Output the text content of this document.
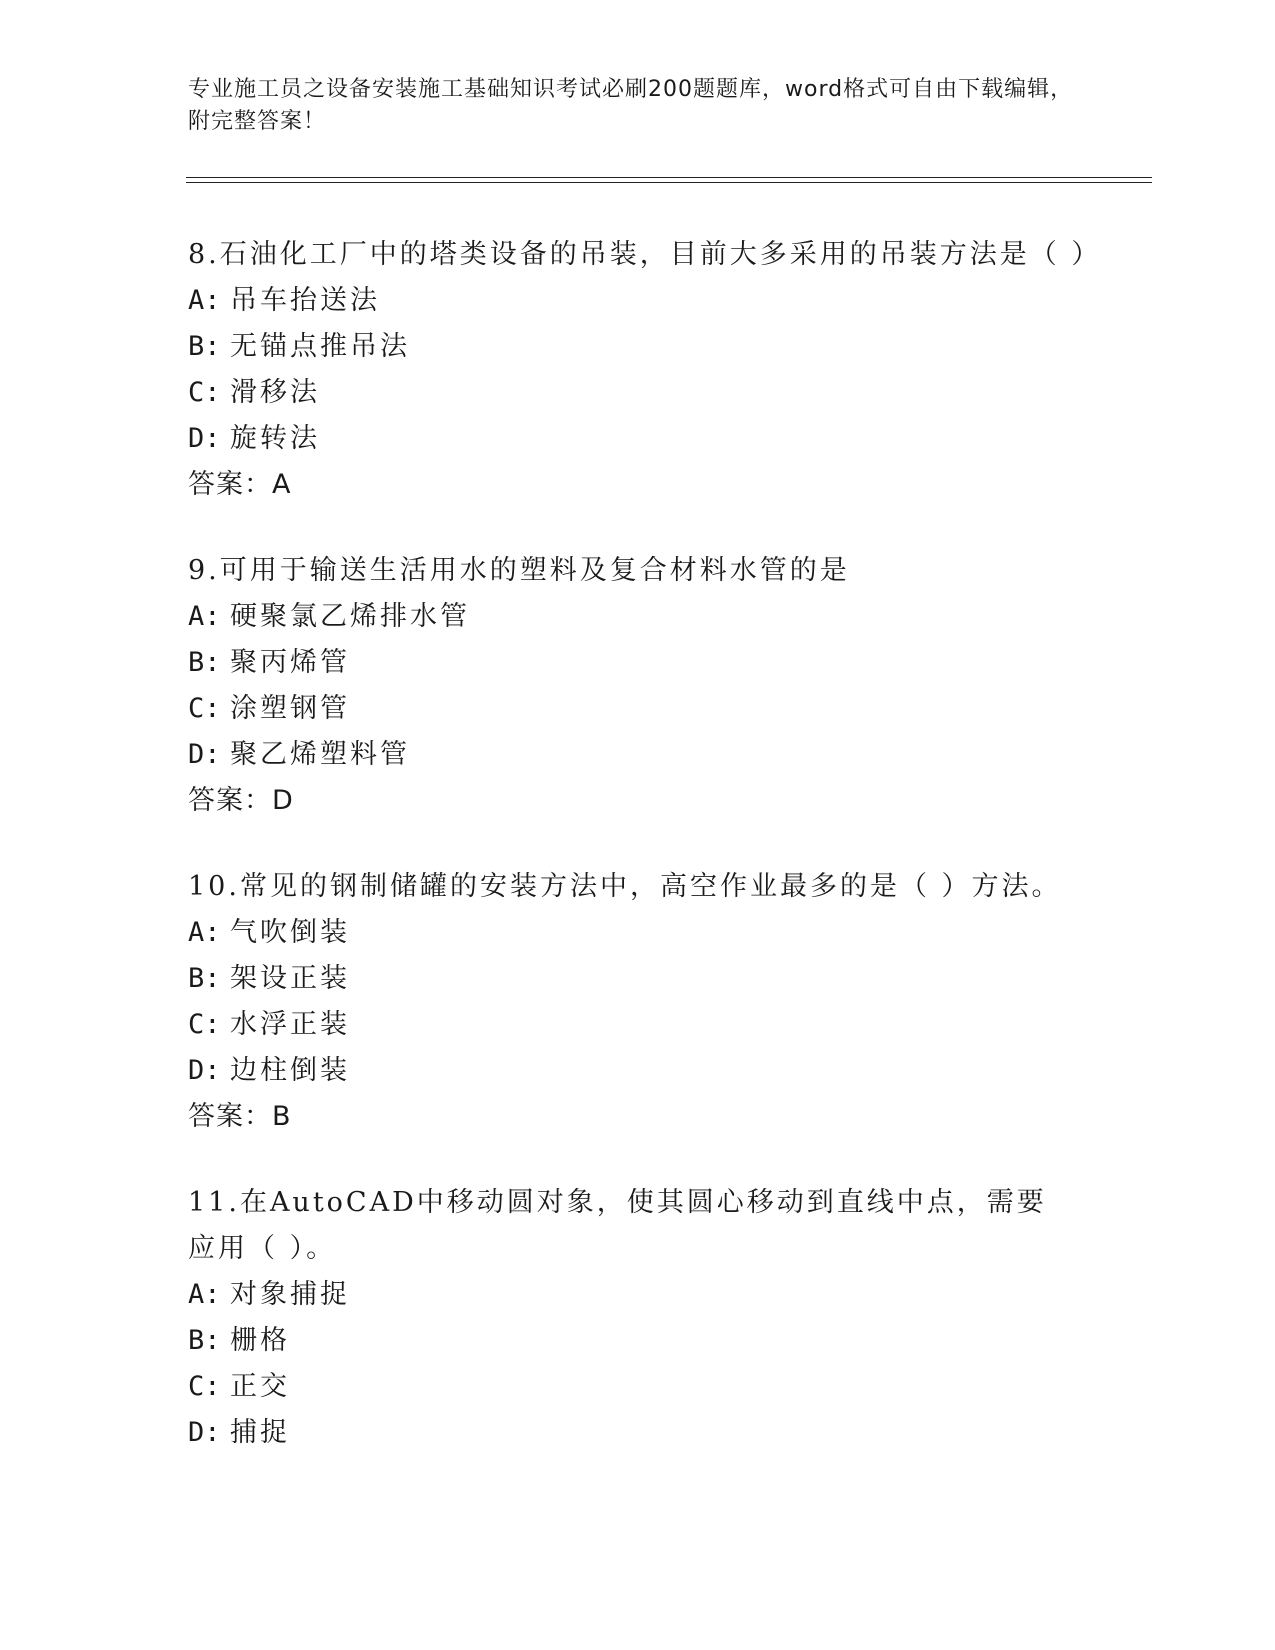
专业施工员之设备安装施工基础知识考试必刷200题题库，word格式可自由下载编辑，附完整答案！
8.石油化工厂中的塔类设备的吊装，目前大多采用的吊装方法是（ ）
A: 吊车抬送法
B: 无锚点推吊法
C: 滑移法
D: 旋转法
答案：A
9.可用于输送生活用水的塑料及复合材料水管的是
A: 硬聚氯乙烯排水管
B: 聚丙烯管
C: 涂塑钢管
D: 聚乙烯塑料管
答案：D
10.常见的钢制储罐的安装方法中，高空作业最多的是（ ）方法。
A: 气吹倒装
B: 架设正装
C: 水浮正装
D: 边柱倒装
答案：B
11.在AutoCAD中移动圆对象，使其圆心移动到直线中点，需要应用（ ）。
A: 对象捕捉
B: 栅格
C: 正交
D: 捕捉
